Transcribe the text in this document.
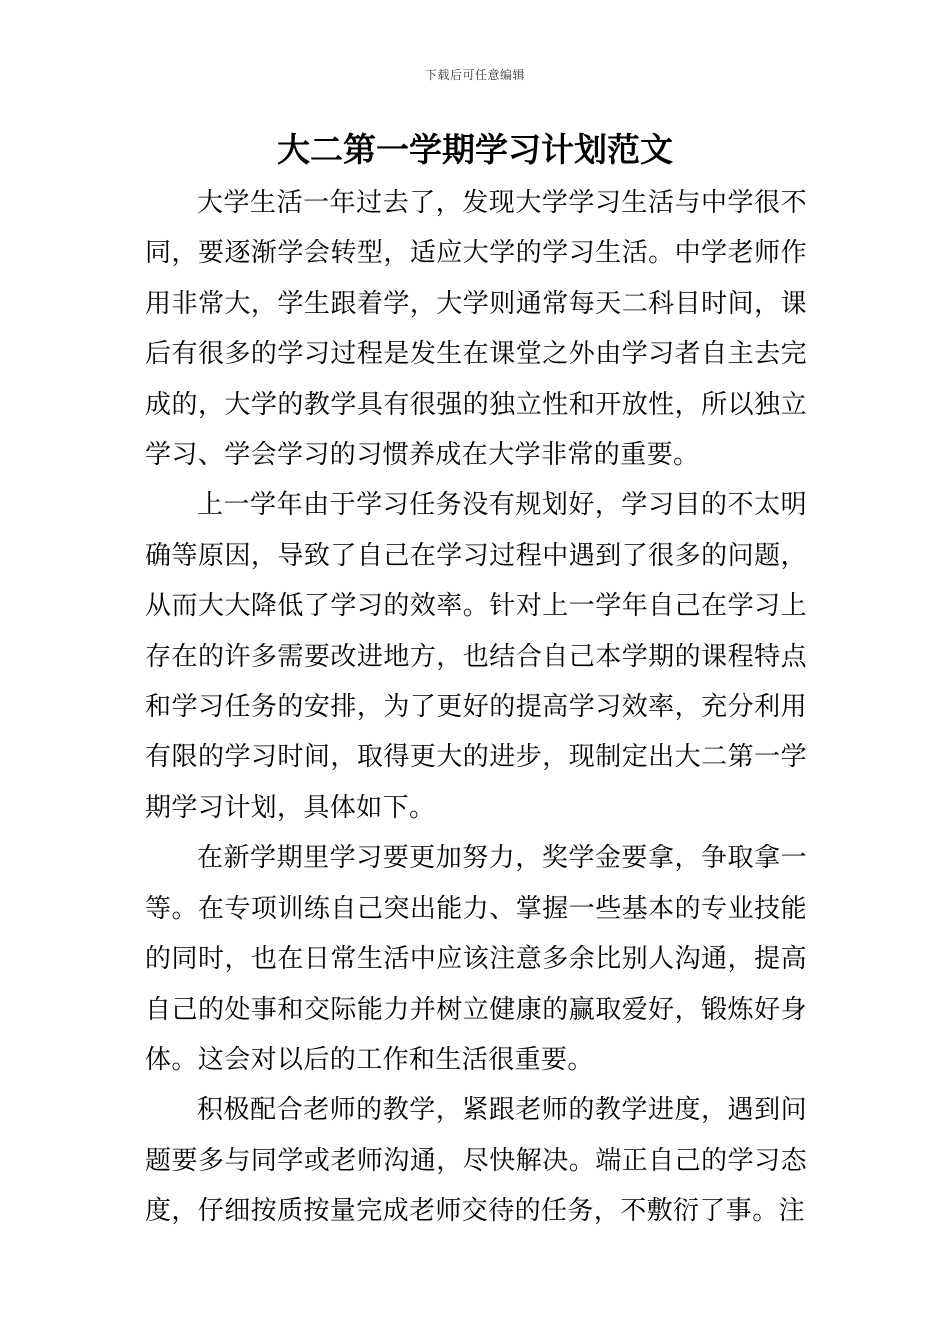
下载后可任意编辑
大二第一学期学习计划范文

大学生活一年过去了，发现大学学习生活与中学很不同，要逐渐学会转型，适应大学的学习生活。中学老师作用非常大，学生跟着学，大学则通常每天二科目时间，课后有很多的学习过程是发生在课堂之外由学习者自主去完成的，大学的教学具有很强的独立性和开放性，所以独立学习、学会学习的习惯养成在大学非常的重要。

上一学年由于学习任务没有规划好，学习目的不太明确等原因，导致了自己在学习过程中遇到了很多的问题，从而大大降低了学习的效率。针对上一学年自己在学习上存在的许多需要改进地方，也结合自己本学期的课程特点和学习任务的安排，为了更好的提高学习效率，充分利用有限的学习时间，取得更大的进步，现制定出大二第一学期学习计划，具体如下。

在新学期里学习要更加努力，奖学金要拿，争取拿一等。在专项训练自己突出能力、掌握一些基本的专业技能的同时，也在日常生活中应该注意多余比别人沟通，提高自己的处事和交际能力并树立健康的赢取爱好，锻炼好身体。这会对以后的工作和生活很重要。

积极配合老师的教学，紧跟老师的教学进度，遇到问题要多与同学或老师沟通，尽快解决。端正自己的学习态度，仔细按质按量完成老师交待的任务，不敷衍了事。注
